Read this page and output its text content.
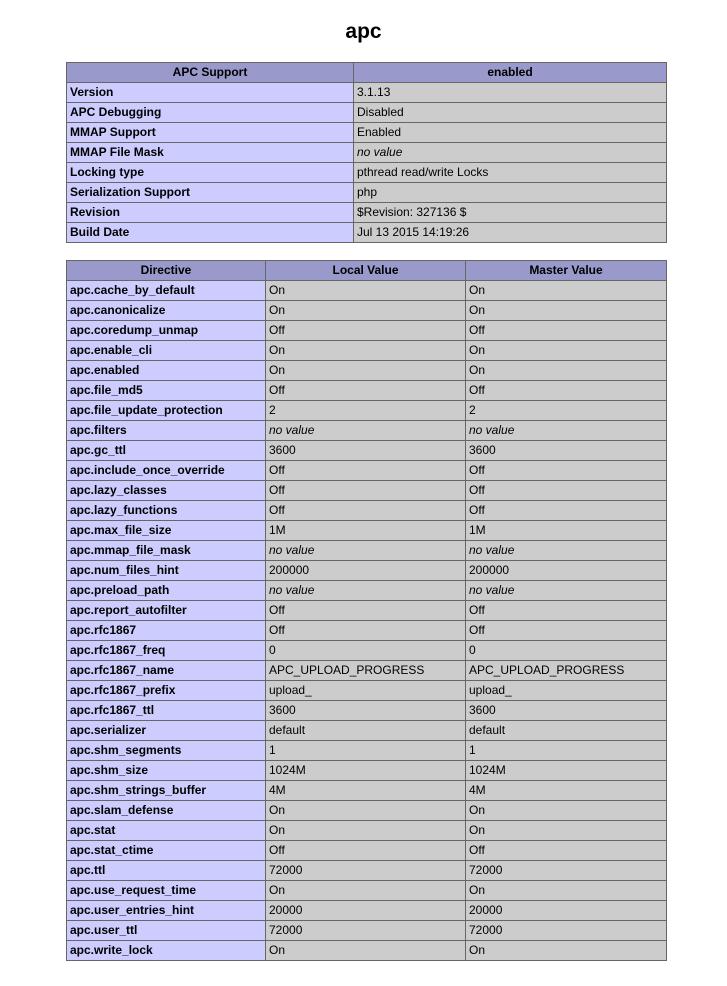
apc
APC Support	enabled
Version	3.1.13
APC Debugging	Disabled
MMAP Support	Enabled
MMAP File Mask	no value
Locking type	pthread read/write Locks
Serialization Support	php
Revision	$Revision: 327136 $
Build Date	Jul 13 2015 14:19:26
Directive	Local Value	Master Value
apc.cache_by_default	On	On
apc.canonicalize	On	On
apc.coredump_unmap	Off	Off
apc.enable_cli	On	On
apc.enabled	On	On
apc.file_md5	Off	Off
apc.file_update_protection	2	2
apc.filters	no value	no value
apc.gc_ttl	3600	3600
apc.include_once_override	Off	Off
apc.lazy_classes	Off	Off
apc.lazy_functions	Off	Off
apc.max_file_size	1M	1M
apc.mmap_file_mask	no value	no value
apc.num_files_hint	200000	200000
apc.preload_path	no value	no value
apc.report_autofilter	Off	Off
apc.rfc1867	Off	Off
apc.rfc1867_freq	0	0
apc.rfc1867_name	APC_UPLOAD_PROGRESS	APC_UPLOAD_PROGRESS
apc.rfc1867_prefix	upload_	upload_
apc.rfc1867_ttl	3600	3600
apc.serializer	default	default
apc.shm_segments	1	1
apc.shm_size	1024M	1024M
apc.shm_strings_buffer	4M	4M
apc.slam_defense	On	On
apc.stat	On	On
apc.stat_ctime	Off	Off
apc.ttl	72000	72000
apc.use_request_time	On	On
apc.user_entries_hint	20000	20000
apc.user_ttl	72000	72000
apc.write_lock	On	On
